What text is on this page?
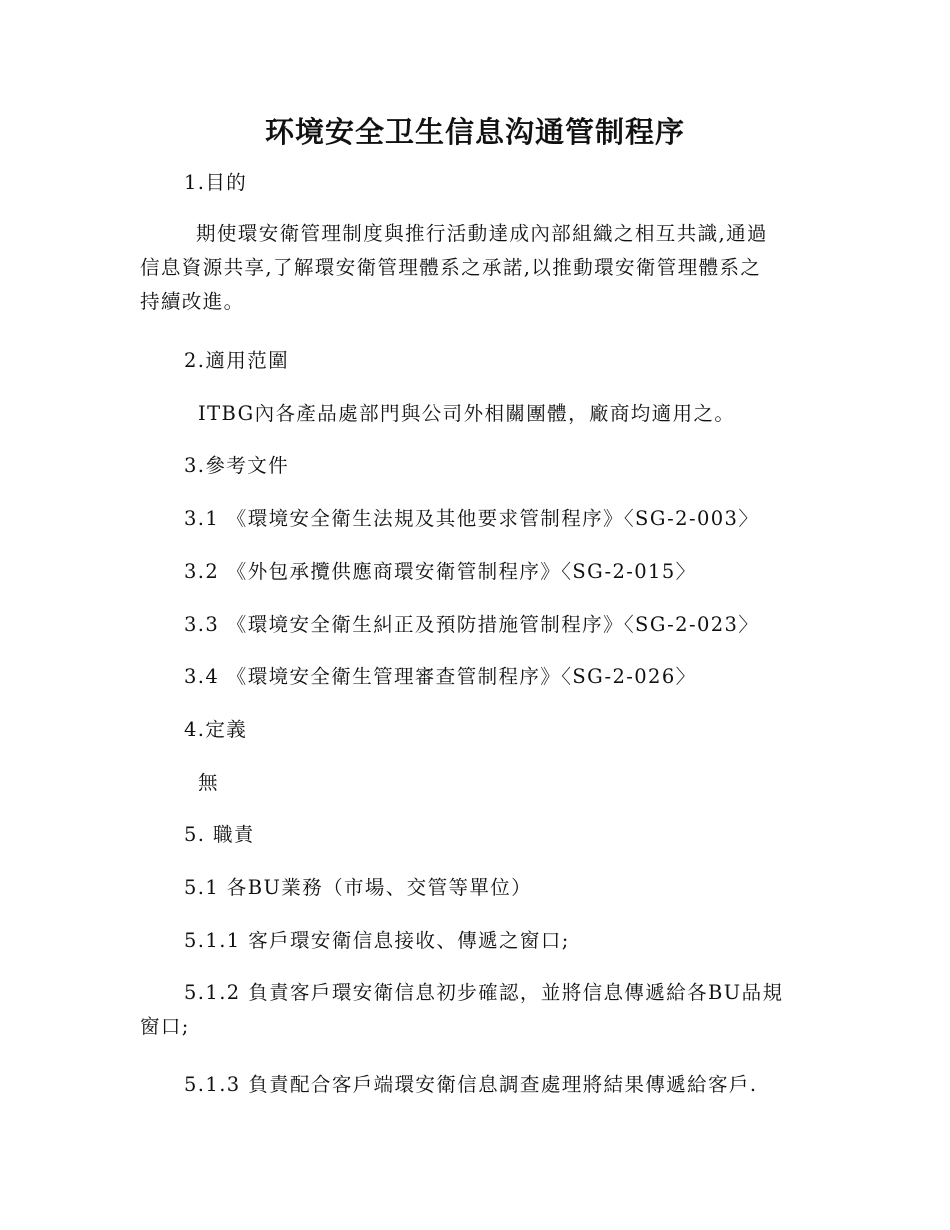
环境安全卫生信息沟通管制程序
1.目的
期使環安衛管理制度與推行活動達成內部組織之相互共識,通過
信息資源共享,了解環安衛管理體系之承諾,以推動環安衛管理體系之
持續改進。
2.適用范圍
ITBG內各產品處部門與公司外相關團體，廠商均適用之。
3.參考文件
3.1 《環境安全衛生法規及其他要求管制程序》〈SG-2-003〉
3.2 《外包承攬供應商環安衛管制程序》〈SG-2-015〉
3.3 《環境安全衛生糾正及預防措施管制程序》〈SG-2-023〉
3.4 《環境安全衛生管理審查管制程序》〈SG-2-026〉
4.定義
無
5. 職責
5.1 各BU業務（市場、交管等單位）
5.1.1 客戶環安衛信息接收、傳遞之窗口;
5.1.2 負責客戶環安衛信息初步確認，並將信息傳遞給各BU品規
窗口;
5.1.3 負責配合客戶端環安衛信息調查處理將結果傳遞給客戶.
